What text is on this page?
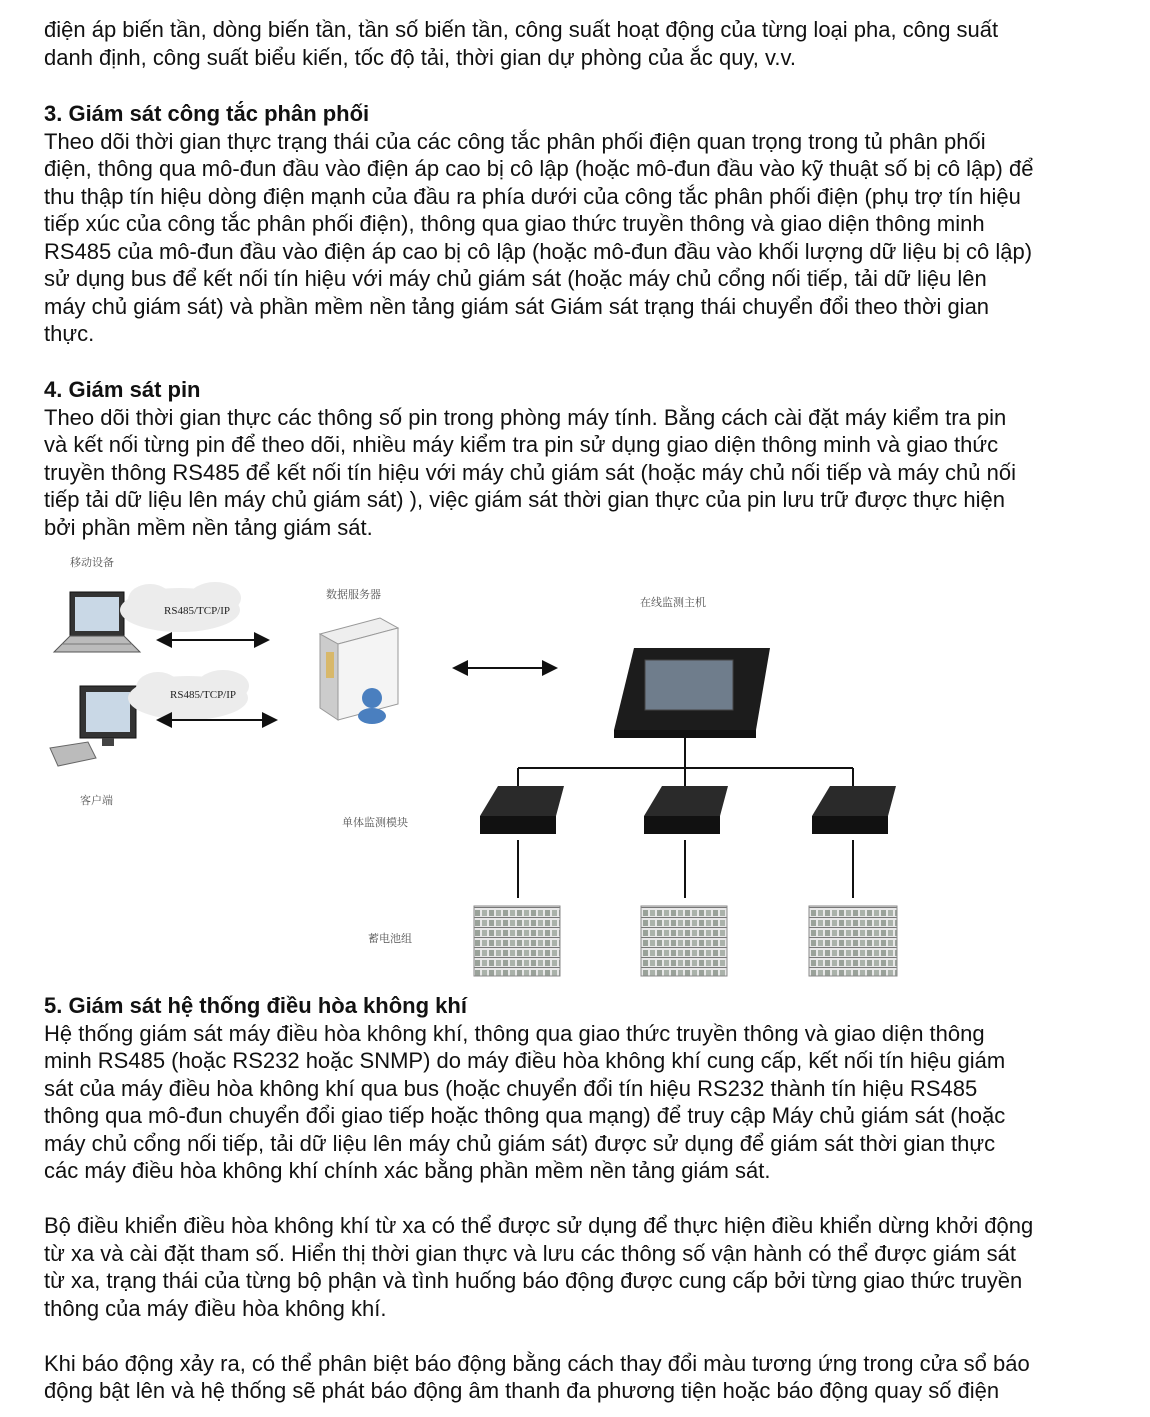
điện áp biến tần, dòng biến tần, tần số biến tần, công suất hoạt động của từng loại pha, công suất

danh định, công suất biểu kiến, tốc độ tải, thời gian dự phòng của ắc quy, v.v.

3. Giám sát công tắc phân phối

Theo dõi thời gian thực trạng thái của các công tắc phân phối điện quan trọng trong tủ phân phối

điện, thông qua mô-đun đầu vào điện áp cao bị cô lập (hoặc mô-đun đầu vào kỹ thuật số bị cô lập) để

thu thập tín hiệu dòng điện mạnh của đầu ra phía dưới của công tắc phân phối điện (phụ trợ tín hiệu

tiếp xúc của công tắc phân phối điện), thông qua giao thức truyền thông và giao diện thông minh

RS485 của mô-đun đầu vào điện áp cao bị cô lập (hoặc mô-đun đầu vào khối lượng dữ liệu bị cô lập)

sử dụng bus để kết nối tín hiệu với máy chủ giám sát (hoặc máy chủ cổng nối tiếp, tải dữ liệu lên

máy chủ giám sát) và phần mềm nền tảng giám sát Giám sát trạng thái chuyển đổi theo thời gian

thực.

4. Giám sát pin

Theo dõi thời gian thực các thông số pin trong phòng máy tính. Bằng cách cài đặt máy kiểm tra pin

và kết nối từng pin để theo dõi, nhiều máy kiểm tra pin sử dụng giao diện thông minh và giao thức

truyền thông RS485 để kết nối tín hiệu với máy chủ giám sát (hoặc máy chủ nối tiếp và máy chủ nối

tiếp tải dữ liệu lên máy chủ giám sát) ), việc giám sát thời gian thực của pin lưu trữ được thực hiện

bởi phần mềm nền tảng giám sát.

移动设备
RS485/TCP/IP
RS485/TCP/IP
客户端
数据服务器
在线监测主机
单体监测模块
蓄电池组

5. Giám sát hệ thống điều hòa không khí

Hệ thống giám sát máy điều hòa không khí, thông qua giao thức truyền thông và giao diện thông

minh RS485 (hoặc RS232 hoặc SNMP) do máy điều hòa không khí cung cấp, kết nối tín hiệu giám

sát của máy điều hòa không khí qua bus (hoặc chuyển đổi tín hiệu RS232 thành tín hiệu RS485

thông qua mô-đun chuyển đổi giao tiếp hoặc thông qua mạng) để truy cập Máy chủ giám sát (hoặc

máy chủ cổng nối tiếp, tải dữ liệu lên máy chủ giám sát) được sử dụng để giám sát thời gian thực

các máy điều hòa không khí chính xác bằng phần mềm nền tảng giám sát.

Bộ điều khiển điều hòa không khí từ xa có thể được sử dụng để thực hiện điều khiển dừng khởi động

từ xa và cài đặt tham số. Hiển thị thời gian thực và lưu các thông số vận hành có thể được giám sát

từ xa, trạng thái của từng bộ phận và tình huống báo động được cung cấp bởi từng giao thức truyền

thông của máy điều hòa không khí.

Khi báo động xảy ra, có thể phân biệt báo động bằng cách thay đổi màu tương ứng trong cửa sổ báo

động bật lên và hệ thống sẽ phát báo động âm thanh đa phương tiện hoặc báo động quay số điện
